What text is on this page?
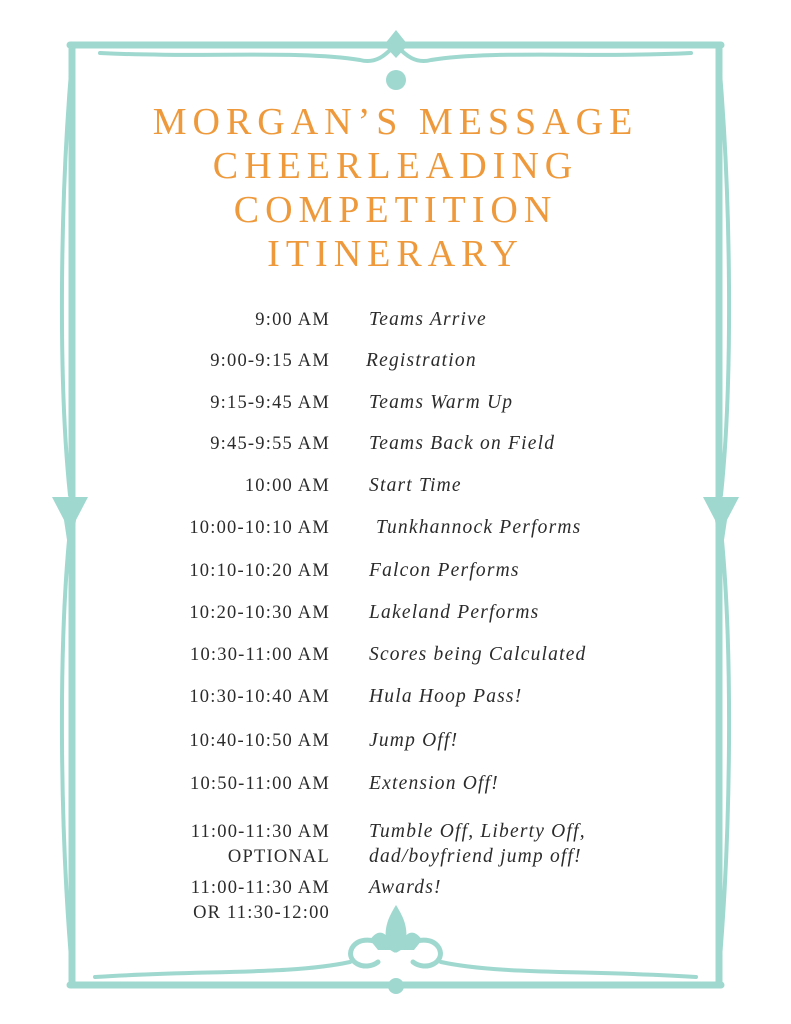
MORGAN’S MESSAGE
CHEERLEADING
COMPETITION
ITINERARY
9:00 AM Teams Arrive
9:00-9:15 AM Registration
9:15-9:45 AM Teams Warm Up
9:45-9:55 AM Teams Back on Field
10:00 AM Start Time
10:00-10:10 AM Tunkhannock Performs
10:10-10:20 AM Falcon Performs
10:20-10:30 AM Lakeland Performs
10:30-11:00 AM Scores being Calculated
10:30-10:40 AM Hula Hoop Pass!
10:40-10:50 AM Jump Off!
10:50-11:00 AM Extension Off!
11:00-11:30 AM Tumble Off, Liberty Off,
OPTIONAL dad/boyfriend jump off!
11:00-11:30 AM Awards!
OR 11:30-12:00
